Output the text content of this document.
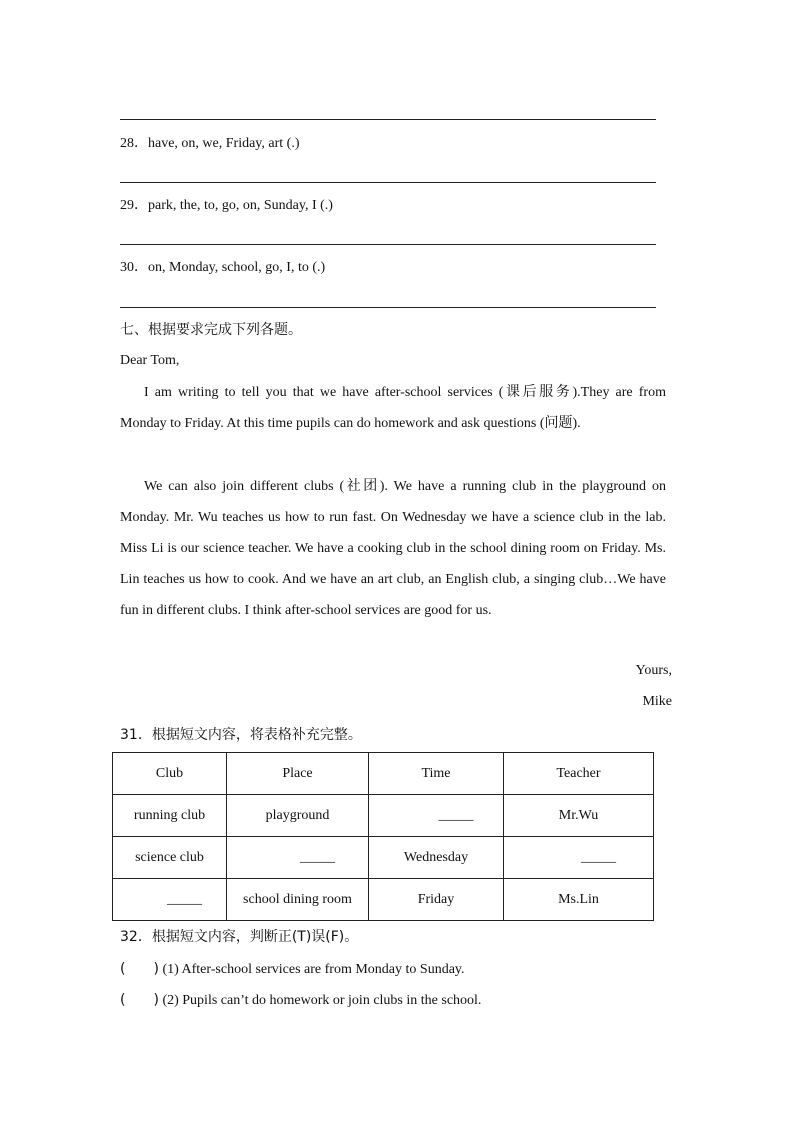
28．have, on, we, Friday, art (.)
29．park, the, to, go, on, Sunday, I (.)
30．on, Monday, school, go, I, to (.)
七、根据要求完成下列各题。
Dear Tom,
I am writing to tell you that we have after-school services (课后服务).They are from Monday to Friday. At this time pupils can do homework and ask questions (问题).
We can also join different clubs (社团). We have a running club in the playground on Monday. Mr. Wu teaches us how to run fast. On Wednesday we have a science club in the lab. Miss Li is our science teacher. We have a cooking club in the school dining room on Friday. Ms. Lin teaches us how to cook. And we have an art club, an English club, a singing club…We have fun in different clubs. I think after-school services are good for us.
Yours,
Mike
31．根据短文内容，将表格补充完整。
Club	Place	Time	Teacher
running club	playground	_____	Mr.Wu
science club	_____	Wednesday	_____
_____	school dining room	Friday	Ms.Lin
32．根据短文内容，判断正(T)误(F)。
(　　) (1) After-school services are from Monday to Sunday.
(　　) (2) Pupils can’t do homework or join clubs in the school.
